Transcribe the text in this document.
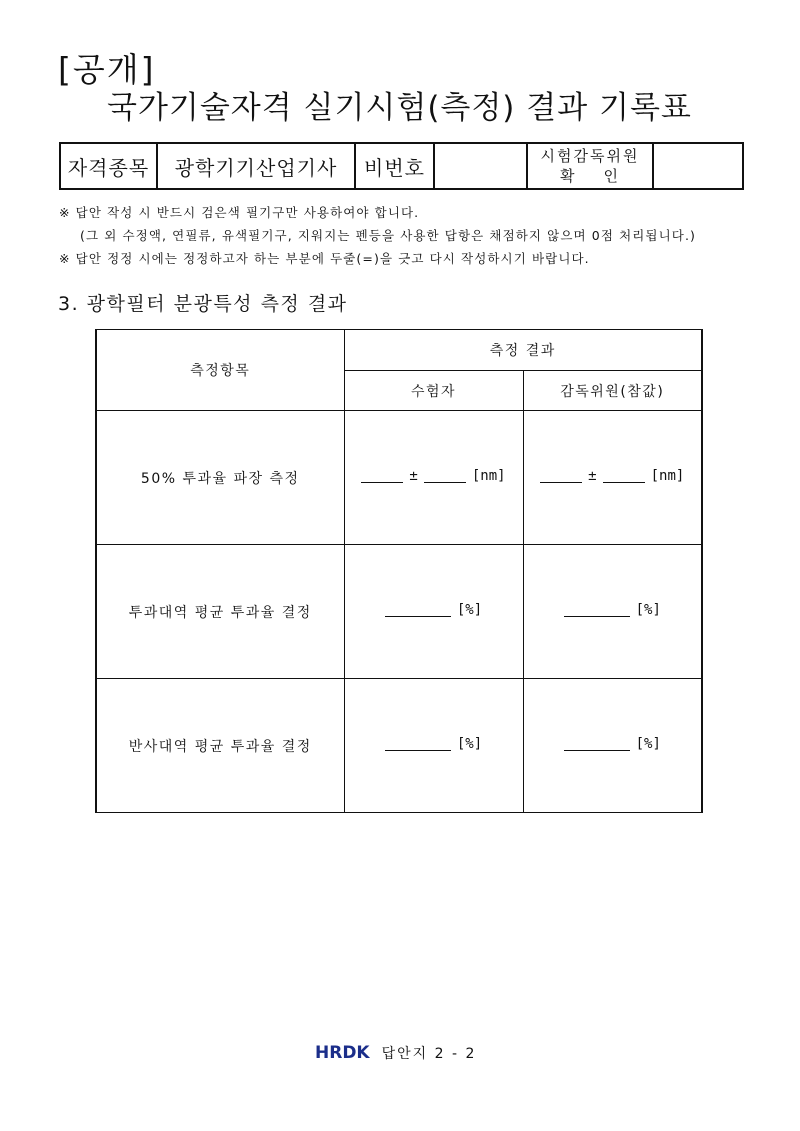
[공개]
국가기술자격 실기시험(측정) 결과 기록표
자격종목	광학기기산업기사	비번호		시험감독위원
확    인

※ 답안 작성 시 반드시 검은색 필기구만 사용하여야 합니다.
(그 외 수정액, 연필류, 유색필기구, 지워지는 펜등을 사용한 답항은 채점하지 않으며 0점 처리됩니다.)
※ 답안 정정 시에는 정정하고자 하는 부분에 두줄(=)을 긋고 다시 작성하시기 바랍니다.
3. 광학필터 분광특성 측정 결과
측정항목	측정 결과	
	수험자	감독위원(참값)
50% 투과율 파장 측정	± [nm]	± [nm]

투과대역 평균 투과율 결정	[%]	[%]

반사대역 평균 투과율 결정	[%]	[%]
HRDK 답안지 2 - 2
